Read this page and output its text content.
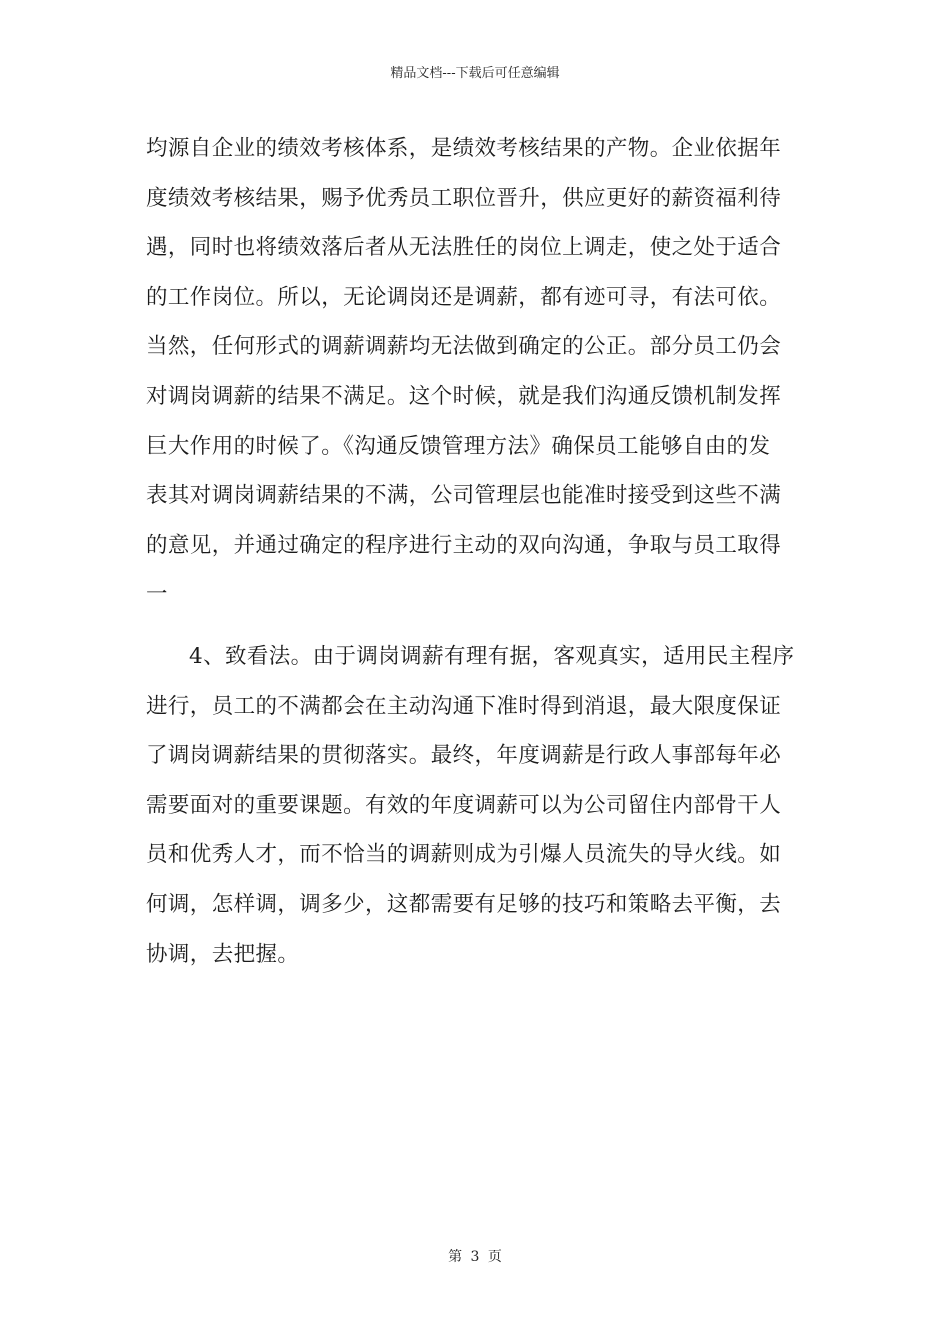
精品文档---下载后可任意编辑
均源自企业的绩效考核体系，是绩效考核结果的产物。企业依据年
度绩效考核结果，赐予优秀员工职位晋升，供应更好的薪资福利待
遇，同时也将绩效落后者从无法胜任的岗位上调走，使之处于适合
的工作岗位。所以，无论调岗还是调薪，都有迹可寻，有法可依。
当然，任何形式的调薪调薪均无法做到确定的公正。部分员工仍会
对调岗调薪的结果不满足。这个时候，就是我们沟通反馈机制发挥
巨大作用的时候了。《沟通反馈管理方法》确保员工能够自由的发
表其对调岗调薪结果的不满，公司管理层也能准时接受到这些不满
的意见，并通过确定的程序进行主动的双向沟通，争取与员工取得
一
4、致看法。由于调岗调薪有理有据，客观真实，适用民主程序
进行，员工的不满都会在主动沟通下准时得到消退，最大限度保证
了调岗调薪结果的贯彻落实。最终，年度调薪是行政人事部每年必
需要面对的重要课题。有效的年度调薪可以为公司留住内部骨干人
员和优秀人才，而不恰当的调薪则成为引爆人员流失的导火线。如
何调，怎样调，调多少，这都需要有足够的技巧和策略去平衡，去
协调，去把握。
第 3 页
